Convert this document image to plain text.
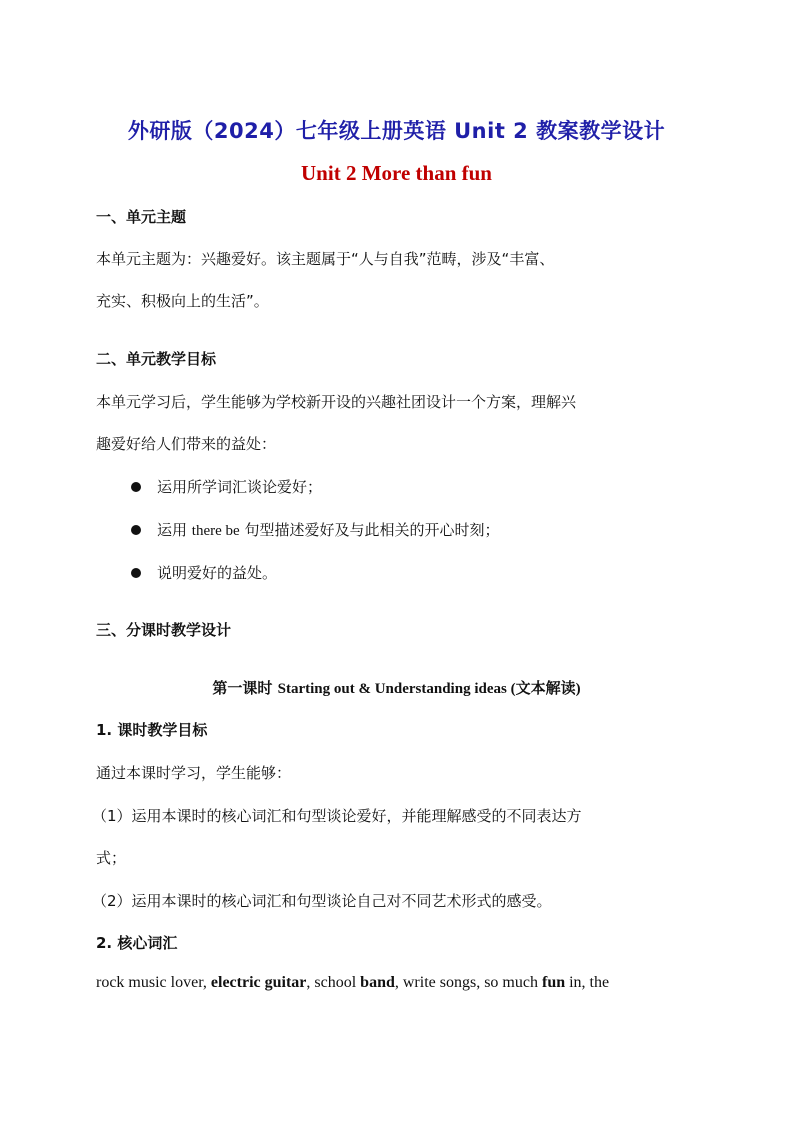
外研版（2024）七年级上册英语 Unit 2 教案教学设计
Unit 2 More than fun
一、单元主题
本单元主题为：兴趣爱好。该主题属于“人与自我”范畴，涉及“丰富、
充实、积极向上的生活”。
二、单元教学目标
本单元学习后，学生能够为学校新开设的兴趣社团设计一个方案，理解兴
趣爱好给人们带来的益处：
运用所学词汇谈论爱好；
运用 there be 句型描述爱好及与此相关的开心时刻；
说明爱好的益处。
三、分课时教学设计
第一课时 Starting out & Understanding ideas (文本解读)
1. 课时教学目标
通过本课时学习，学生能够：
（1）运用本课时的核心词汇和句型谈论爱好，并能理解感受的不同表达方
式；
（2）运用本课时的核心词汇和句型谈论自己对不同艺术形式的感受。
2. 核心词汇
rock music lover, electric guitar, school band, write songs, so much fun in, the
